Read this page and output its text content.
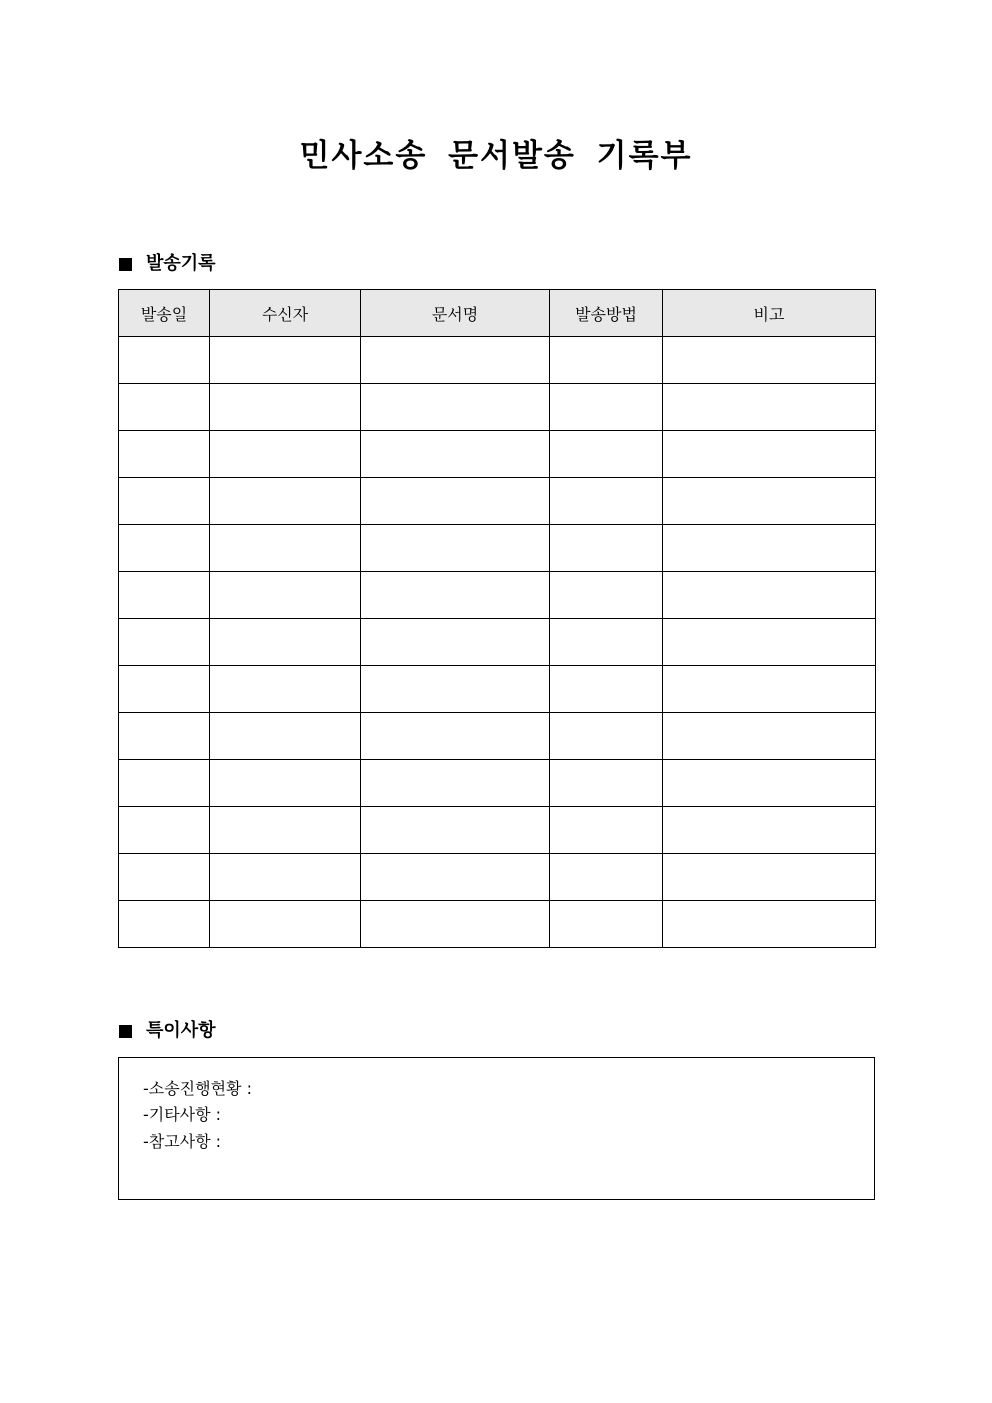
민사소송 문서발송 기록부
발송기록
발송일	수신자	문서명	발송방법	비고

특이사항
-소송진행현황 :
-기타사항 :
-참고사항 :
